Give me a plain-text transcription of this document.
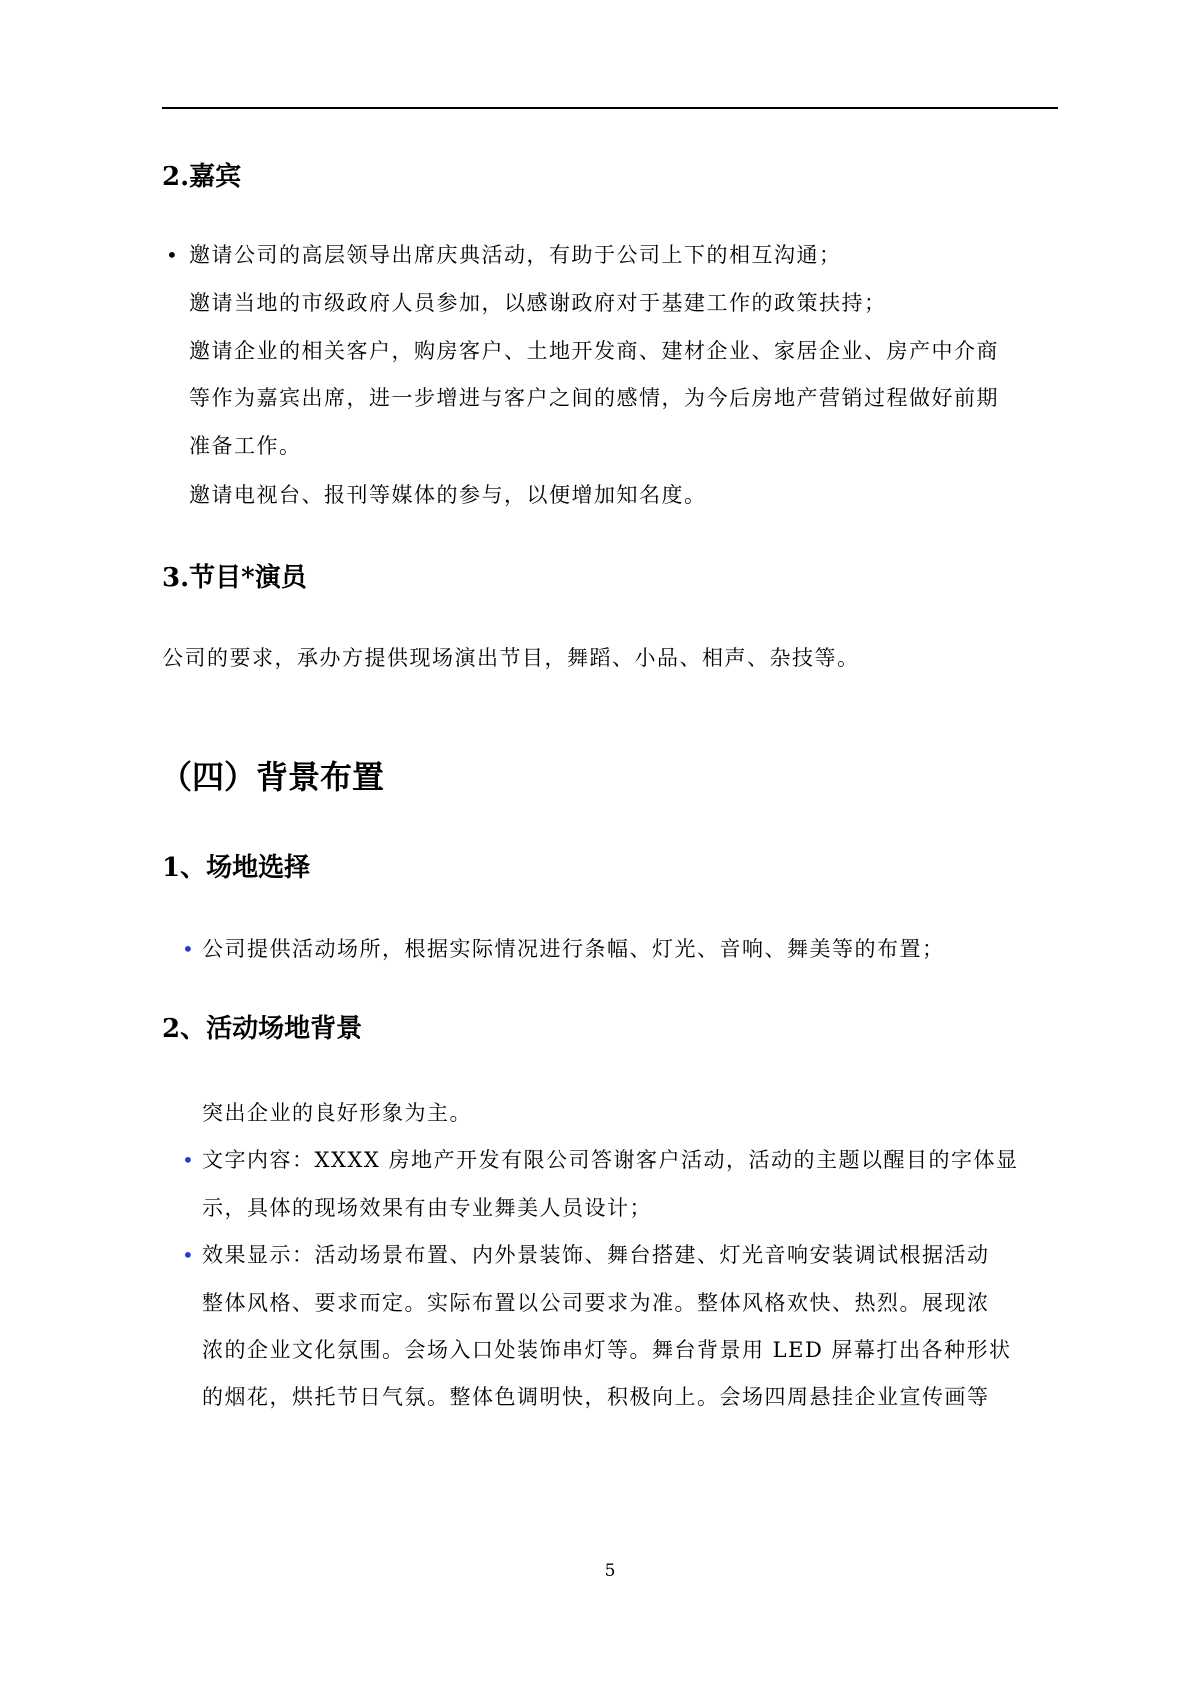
2.嘉宾
• 邀请公司的高层领导出席庆典活动，有助于公司上下的相互沟通；
邀请当地的市级政府人员参加，以感谢政府对于基建工作的政策扶持；
邀请企业的相关客户，购房客户、土地开发商、建材企业、家居企业、房产中介商
等作为嘉宾出席，进一步增进与客户之间的感情，为今后房地产营销过程做好前期
准备工作。
邀请电视台、报刊等媒体的参与，以便增加知名度。
3.节目*演员
公司的要求，承办方提供现场演出节目，舞蹈、小品、相声、杂技等。
（四）背景布置
1、场地选择
• 公司提供活动场所，根据实际情况进行条幅、灯光、音响、舞美等的布置；
2、活动场地背景
突出企业的良好形象为主。
• 文字内容：XXXX 房地产开发有限公司答谢客户活动，活动的主题以醒目的字体显
示，具体的现场效果有由专业舞美人员设计；
• 效果显示：活动场景布置、内外景装饰、舞台搭建、灯光音响安装调试根据活动
整体风格、要求而定。实际布置以公司要求为准。整体风格欢快、热烈。展现浓
浓的企业文化氛围。会场入口处装饰串灯等。舞台背景用 LED 屏幕打出各种形状
的烟花，烘托节日气氛。整体色调明快，积极向上。会场四周悬挂企业宣传画等
5
